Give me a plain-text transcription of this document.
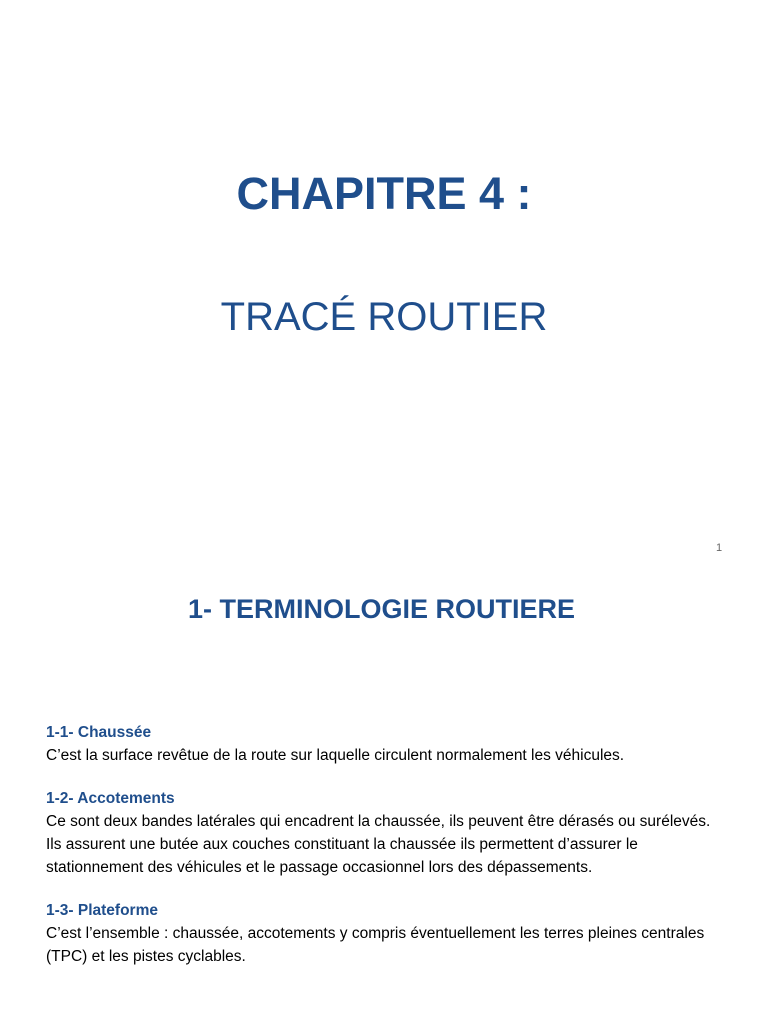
CHAPITRE 4 :
TRACÉ ROUTIER
1
1- TERMINOLOGIE ROUTIERE
1-1- Chaussée

C’est la surface revêtue de la route sur laquelle circulent normalement les véhicules.

1-2- Accotements

Ce sont deux bandes latérales qui encadrent la chaussée, ils peuvent être dérasés ou surélevés.

Ils assurent une butée aux couches constituant la chaussée ils permettent d’assurer le stationnement des véhicules et le passage occasionnel lors des dépassements.

1-3- Plateforme

C’est l’ensemble : chaussée, accotements y compris éventuellement les terres pleines centrales (TPC) et les pistes cyclables.
